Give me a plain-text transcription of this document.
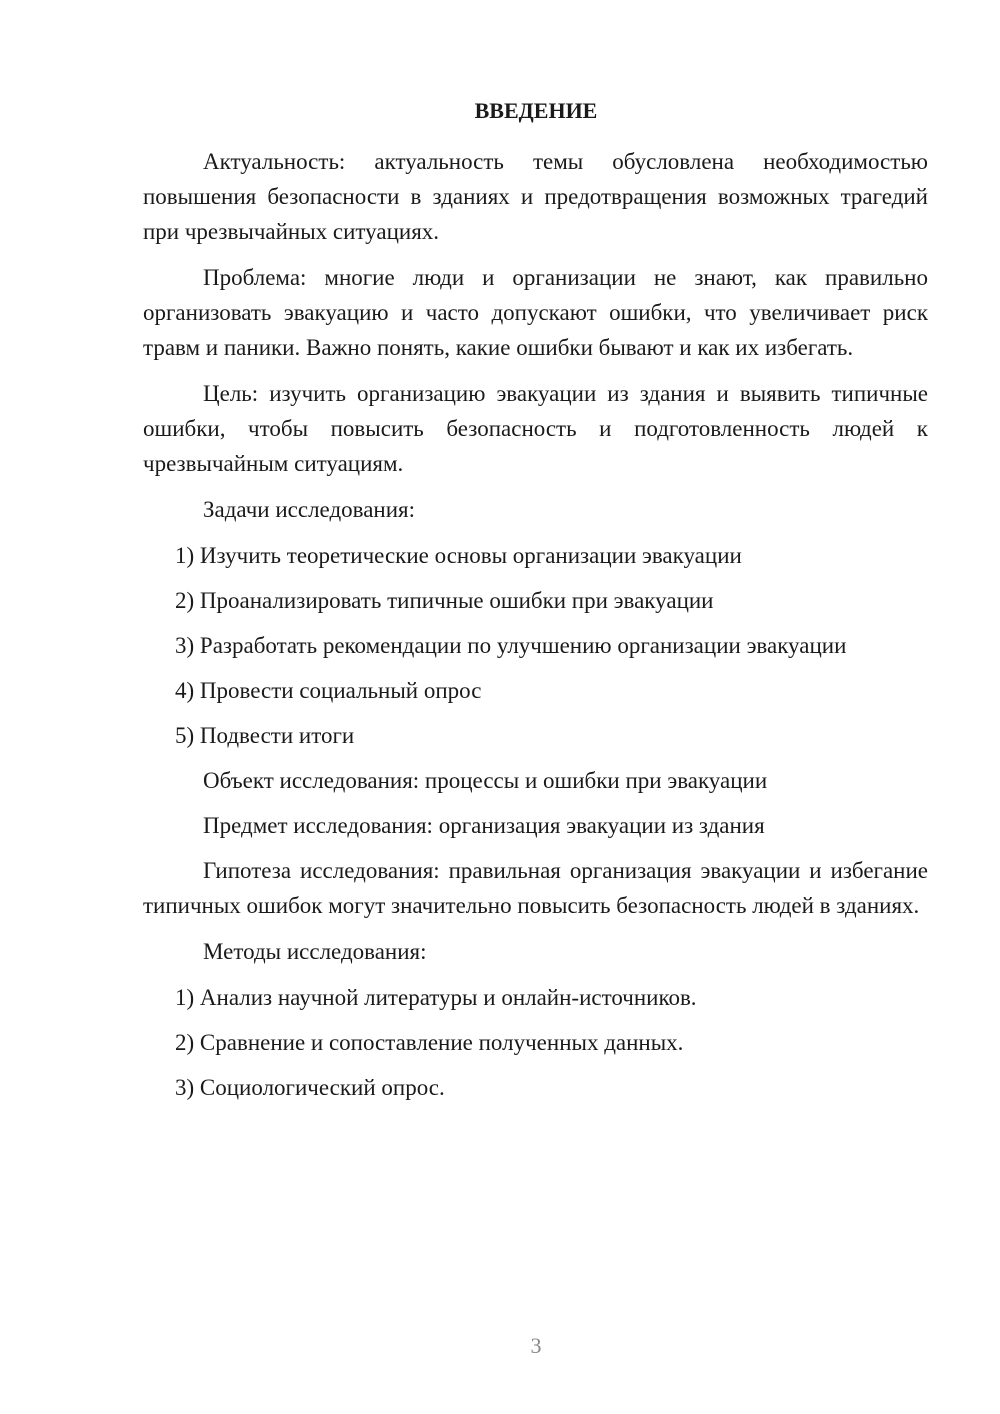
ВВЕДЕНИЕ

Актуальность: актуальность темы обусловлена необходимостью повышения безопасности в зданиях и предотвращения возможных трагедий при чрезвычайных ситуациях.

Проблема: многие люди и организации не знают, как правильно организовать эвакуацию и часто допускают ошибки, что увеличивает риск травм и паники. Важно понять, какие ошибки бывают и как их избегать.

Цель: изучить организацию эвакуации из здания и выявить типичные ошибки, чтобы повысить безопасность и подготовленность людей к чрезвычайным ситуациям.

Задачи исследования:

1) Изучить теоретические основы организации эвакуации
2) Проанализировать типичные ошибки при эвакуации
3) Разработать рекомендации по улучшению организации эвакуации
4) Провести социальный опрос
5) Подвести итоги

Объект исследования: процессы и ошибки при эвакуации

Предмет исследования: организация эвакуации из здания

Гипотеза исследования: правильная организация эвакуации и избегание типичных ошибок могут значительно повысить безопасность людей в зданиях.

Методы исследования:

1) Анализ научной литературы и онлайн-источников.
2) Сравнение и сопоставление полученных данных.
3) Социологический опрос.
3
